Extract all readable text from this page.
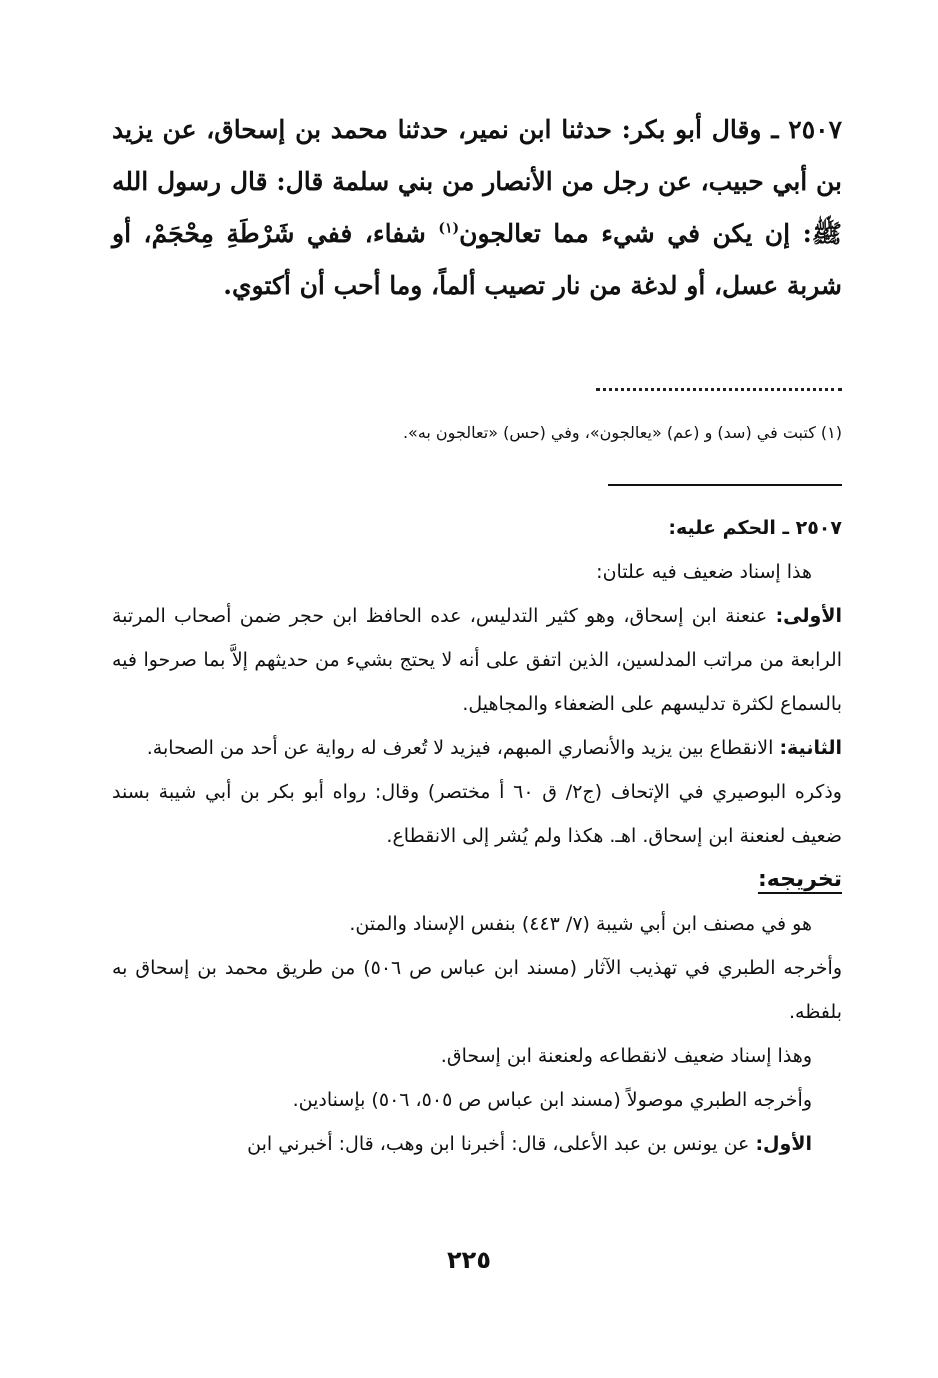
٢٥٠٧ ـ وقال أبو بكر: حدثنا ابن نمير، حدثنا محمد بن إسحاق، عن يزيد بن أبي حبيب، عن رجل من الأنصار من بني سلمة قال: قال رسول الله ﷺ: إن يكن في شيء مما تعالجون$^{(١)}$ شفاء، ففي شَرْطَةِ مِحْجَمْ، أو شربة عسل، أو لدغة من نار تصيب ألماً، وما أحب أن أكتوي.
(١) كتبت في (سد) و (عم) «يعالجون»، وفي (حس) «تعالجون به».

٢٥٠٧ ـ الحكم عليه:

هذا إسناد ضعيف فيه علتان:

الأولى: عنعنة ابن إسحاق، وهو كثير التدليس، عده الحافظ ابن حجر ضمن أصحاب المرتبة الرابعة من مراتب المدلسين، الذين اتفق على أنه لا يحتج بشيء من حديثهم إلاَّ بما صرحوا فيه بالسماع لكثرة تدليسهم على الضعفاء والمجاهيل.

الثانية: الانقطاع بين يزيد والأنصاري المبهم، فيزيد لا تُعرف له رواية عن أحد من الصحابة.

وذكره البوصيري في الإتحاف (ج٢/ ق ٦٠ أ مختصر) وقال: رواه أبو بكر بن أبي شيبة بسند ضعيف لعنعنة ابن إسحاق. اهـ. هكذا ولم يُشر إلى الانقطاع.

تخريجه:

هو في مصنف ابن أبي شيبة (٧/ ٤٤٣) بنفس الإسناد والمتن.

وأخرجه الطبري في تهذيب الآثار (مسند ابن عباس ص ٥٠٦) من طريق محمد بن إسحاق به بلفظه.

وهذا إسناد ضعيف لانقطاعه ولعنعنة ابن إسحاق.

وأخرجه الطبري موصولاً (مسند ابن عباس ص ٥٠٥، ٥٠٦) بإسنادين.

الأول: عن يونس بن عبد الأعلى، قال: أخبرنا ابن وهب، قال: أخبرني ابن

٢٢٥
